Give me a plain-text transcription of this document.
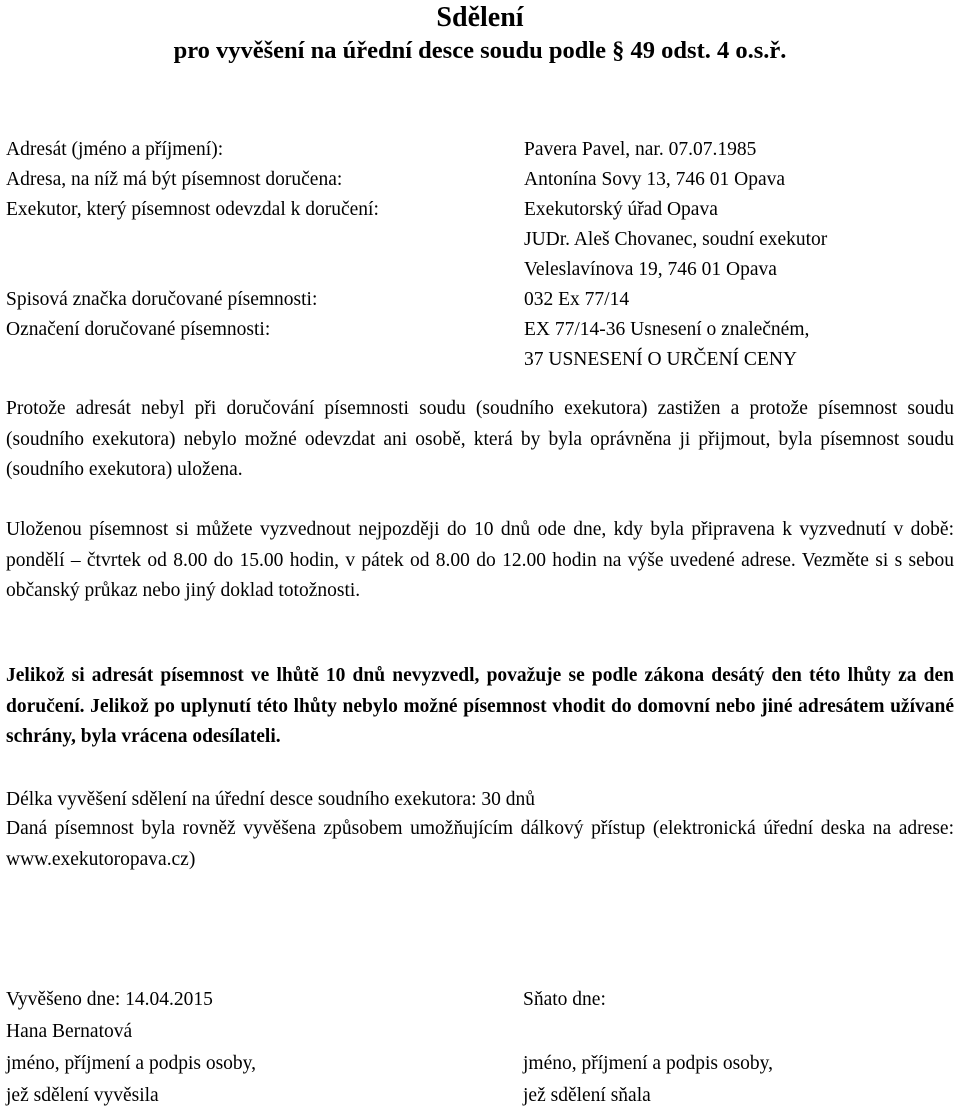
Sdělení
pro vyvěšení na úřední desce soudu podle § 49 odst. 4 o.s.ř.
Adresát (jméno a příjmení):	Pavera Pavel, nar. 07.07.1985
Adresa, na níž má být písemnost doručena:	Antonína Sovy 13, 746 01 Opava
Exekutor, který písemnost odevzdal k doručení:	Exekutorský úřad Opava
JUDr. Aleš Chovanec, soudní exekutor
Veleslavínova 19, 746 01 Opava
Spisová značka doručované písemnosti:	032 Ex 77/14
Označení doručované písemnosti:	EX 77/14-36 Usnesení o znalečném,
37 USNESENÍ O URČENÍ CENY
Protože adresát nebyl při doručování písemnosti soudu (soudního exekutora) zastižen a protože písemnost soudu (soudního exekutora) nebylo možné odevzdat ani osobě, která by byla oprávněna ji přijmout, byla písemnost soudu (soudního exekutora) uložena.
Uloženou písemnost si můžete vyzvednout nejpozději do 10 dnů ode dne, kdy byla připravena k vyzvednutí v době: pondělí – čtvrtek od 8.00 do 15.00 hodin, v pátek od 8.00 do 12.00 hodin na výše uvedené adrese. Vezměte si s sebou občanský průkaz nebo jiný doklad totožnosti.
Jelikož si adresát písemnost ve lhůtě 10 dnů nevyzvedl, považuje se podle zákona desátý den této lhůty za den doručení. Jelikož po uplynutí této lhůty nebylo možné písemnost vhodit do domovní nebo jiné adresátem užívané schrány, byla vrácena odesílateli.
Délka vyvěšení sdělení na úřední desce soudního exekutora: 30 dnů
Daná písemnost byla rovněž vyvěšena způsobem umožňujícím dálkový přístup (elektronická úřední deska na adrese: www.exekutoropava.cz)
Vyvěšeno dne: 14.04.2015
Hana Bernatová
jméno, příjmení a podpis osoby,
jež sdělení vyvěsila
Sňato dne:
jméno, příjmení a podpis osoby,
jež sdělení sňala
